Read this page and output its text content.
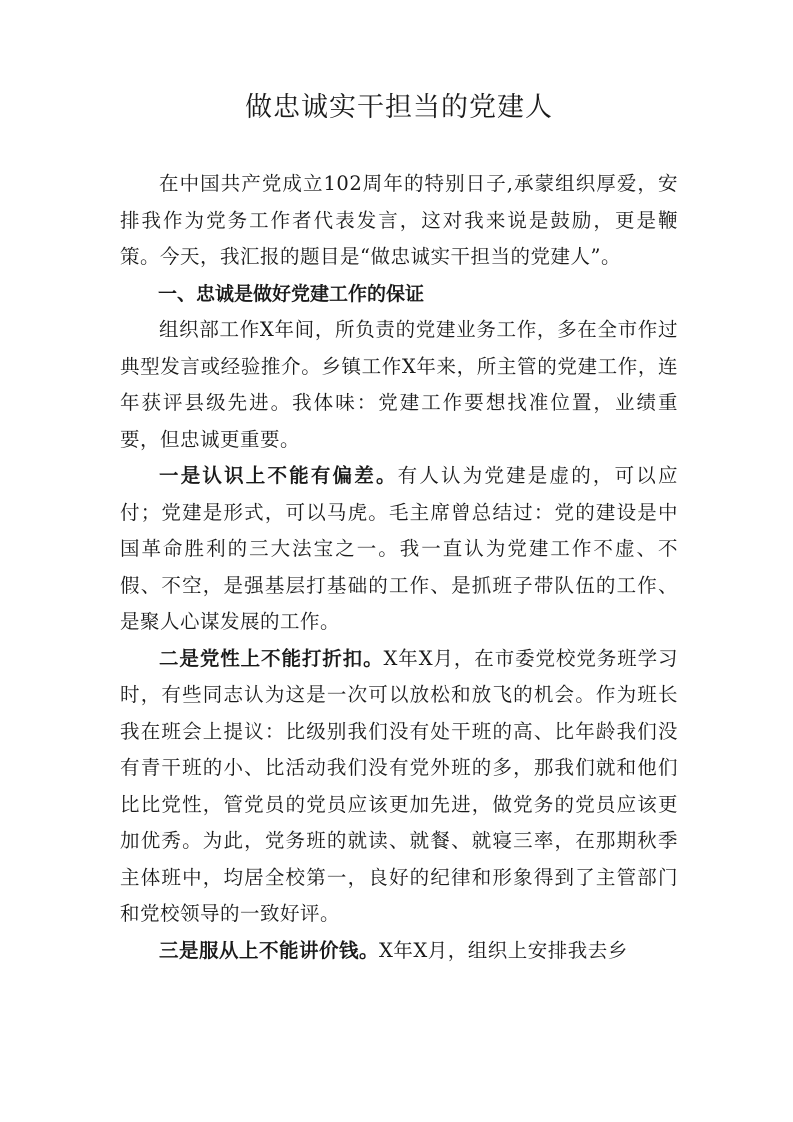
做忠诚实干担当的党建人

在中国共产党成立102周年的特别日子,承蒙组织厚爱，安排我作为党务工作者代表发言，这对我来说是鼓励，更是鞭策。今天，我汇报的题目是“做忠诚实干担当的党建人”。

一、忠诚是做好党建工作的保证

组织部工作X年间，所负责的党建业务工作，多在全市作过典型发言或经验推介。乡镇工作X年来，所主管的党建工作，连年获评县级先进。我体味：党建工作要想找准位置，业绩重要，但忠诚更重要。

一是认识上不能有偏差。有人认为党建是虚的，可以应付；党建是形式，可以马虎。毛主席曾总结过：党的建设是中国革命胜利的三大法宝之一。我一直认为党建工作不虚、不假、不空，是强基层打基础的工作、是抓班子带队伍的工作、是聚人心谋发展的工作。

二是党性上不能打折扣。X年X月，在市委党校党务班学习时，有些同志认为这是一次可以放松和放飞的机会。作为班长我在班会上提议：比级别我们没有处干班的高、比年龄我们没有青干班的小、比活动我们没有党外班的多，那我们就和他们比比党性，管党员的党员应该更加先进，做党务的党员应该更加优秀。为此，党务班的就读、就餐、就寝三率，在那期秋季主体班中，均居全校第一，良好的纪律和形象得到了主管部门和党校领导的一致好评。

三是服从上不能讲价钱。X年X月，组织上安排我去乡
